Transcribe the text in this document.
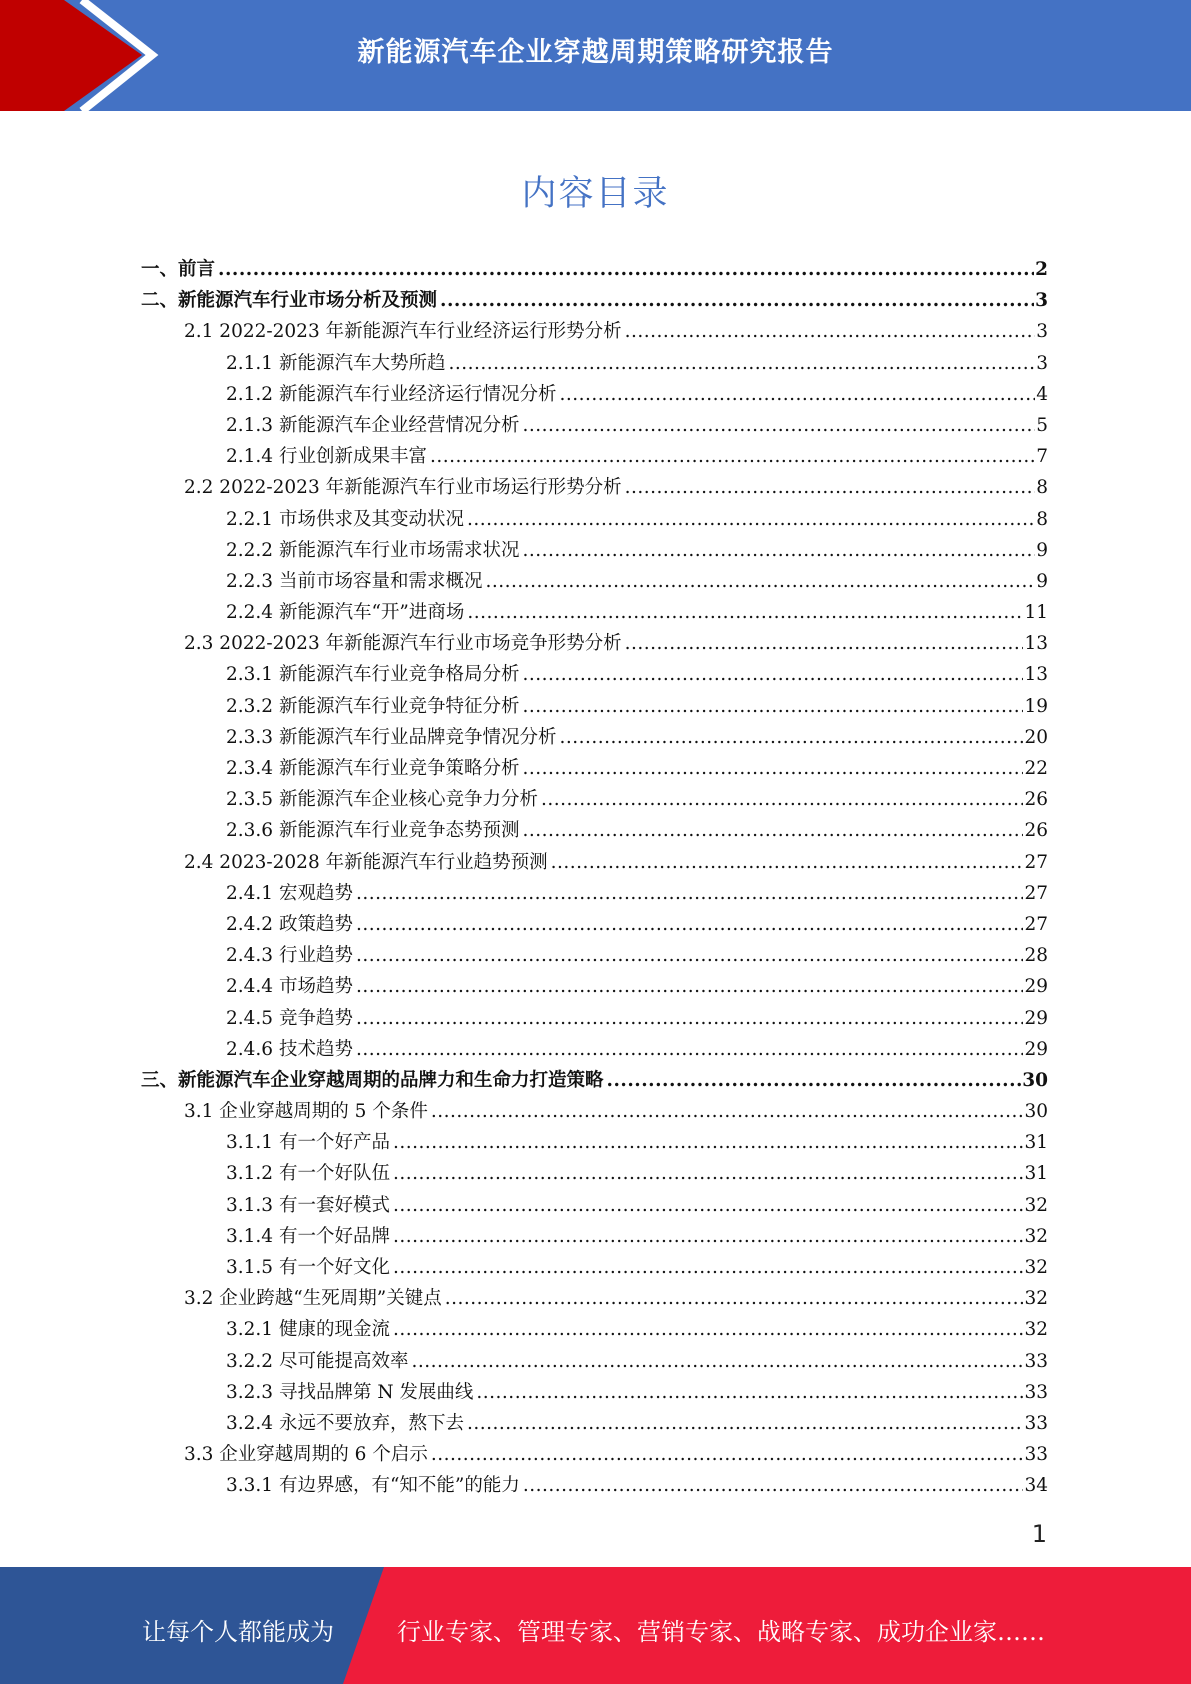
新能源汽车企业穿越周期策略研究报告
内容目录
一、前言 .....	2
二、新能源汽车行业市场分析及预测 .....	3
2.1 2022-2023 年新能源汽车行业经济运行形势分析 .....	3
2.1.1 新能源汽车大势所趋 .....	3
2.1.2 新能源汽车行业经济运行情况分析 .....	4
2.1.3 新能源汽车企业经营情况分析 .....	5
2.1.4 行业创新成果丰富 .....	7
2.2 2022-2023 年新能源汽车行业市场运行形势分析 .....	8
2.2.1 市场供求及其变动状况 .....	8
2.2.2 新能源汽车行业市场需求状况 .....	9
2.2.3 当前市场容量和需求概况 .....	9
2.2.4 新能源汽车“开”进商场 .....	11
2.3 2022-2023 年新能源汽车行业市场竞争形势分析 .....	13
2.3.1 新能源汽车行业竞争格局分析 .....	13
2.3.2 新能源汽车行业竞争特征分析 .....	19
2.3.3 新能源汽车行业品牌竞争情况分析 .....	20
2.3.4 新能源汽车行业竞争策略分析 .....	22
2.3.5 新能源汽车企业核心竞争力分析 .....	26
2.3.6 新能源汽车行业竞争态势预测 .....	26
2.4 2023-2028 年新能源汽车行业趋势预测 .....	27
2.4.1 宏观趋势 .....	27
2.4.2 政策趋势 .....	27
2.4.3 行业趋势 .....	28
2.4.4 市场趋势 .....	29
2.4.5 竞争趋势 .....	29
2.4.6 技术趋势 .....	29
三、新能源汽车企业穿越周期的品牌力和生命力打造策略 .....	30
3.1 企业穿越周期的 5 个条件 .....	30
3.1.1 有一个好产品 .....	31
3.1.2 有一个好队伍 .....	31
3.1.3 有一套好模式 .....	32
3.1.4 有一个好品牌 .....	32
3.1.5 有一个好文化 .....	32
3.2 企业跨越“生死周期”关键点 .....	32
3.2.1 健康的现金流 .....	32
3.2.2 尽可能提高效率 .....	33
3.2.3 寻找品牌第 N 发展曲线 .....	33
3.2.4 永远不要放弃，熬下去 .....	33
3.3 企业穿越周期的 6 个启示 .....	33
3.3.1 有边界感，有“知不能”的能力 .....	34
1
让每个人都能成为	行业专家、管理专家、营销专家、战略专家、成功企业家……
